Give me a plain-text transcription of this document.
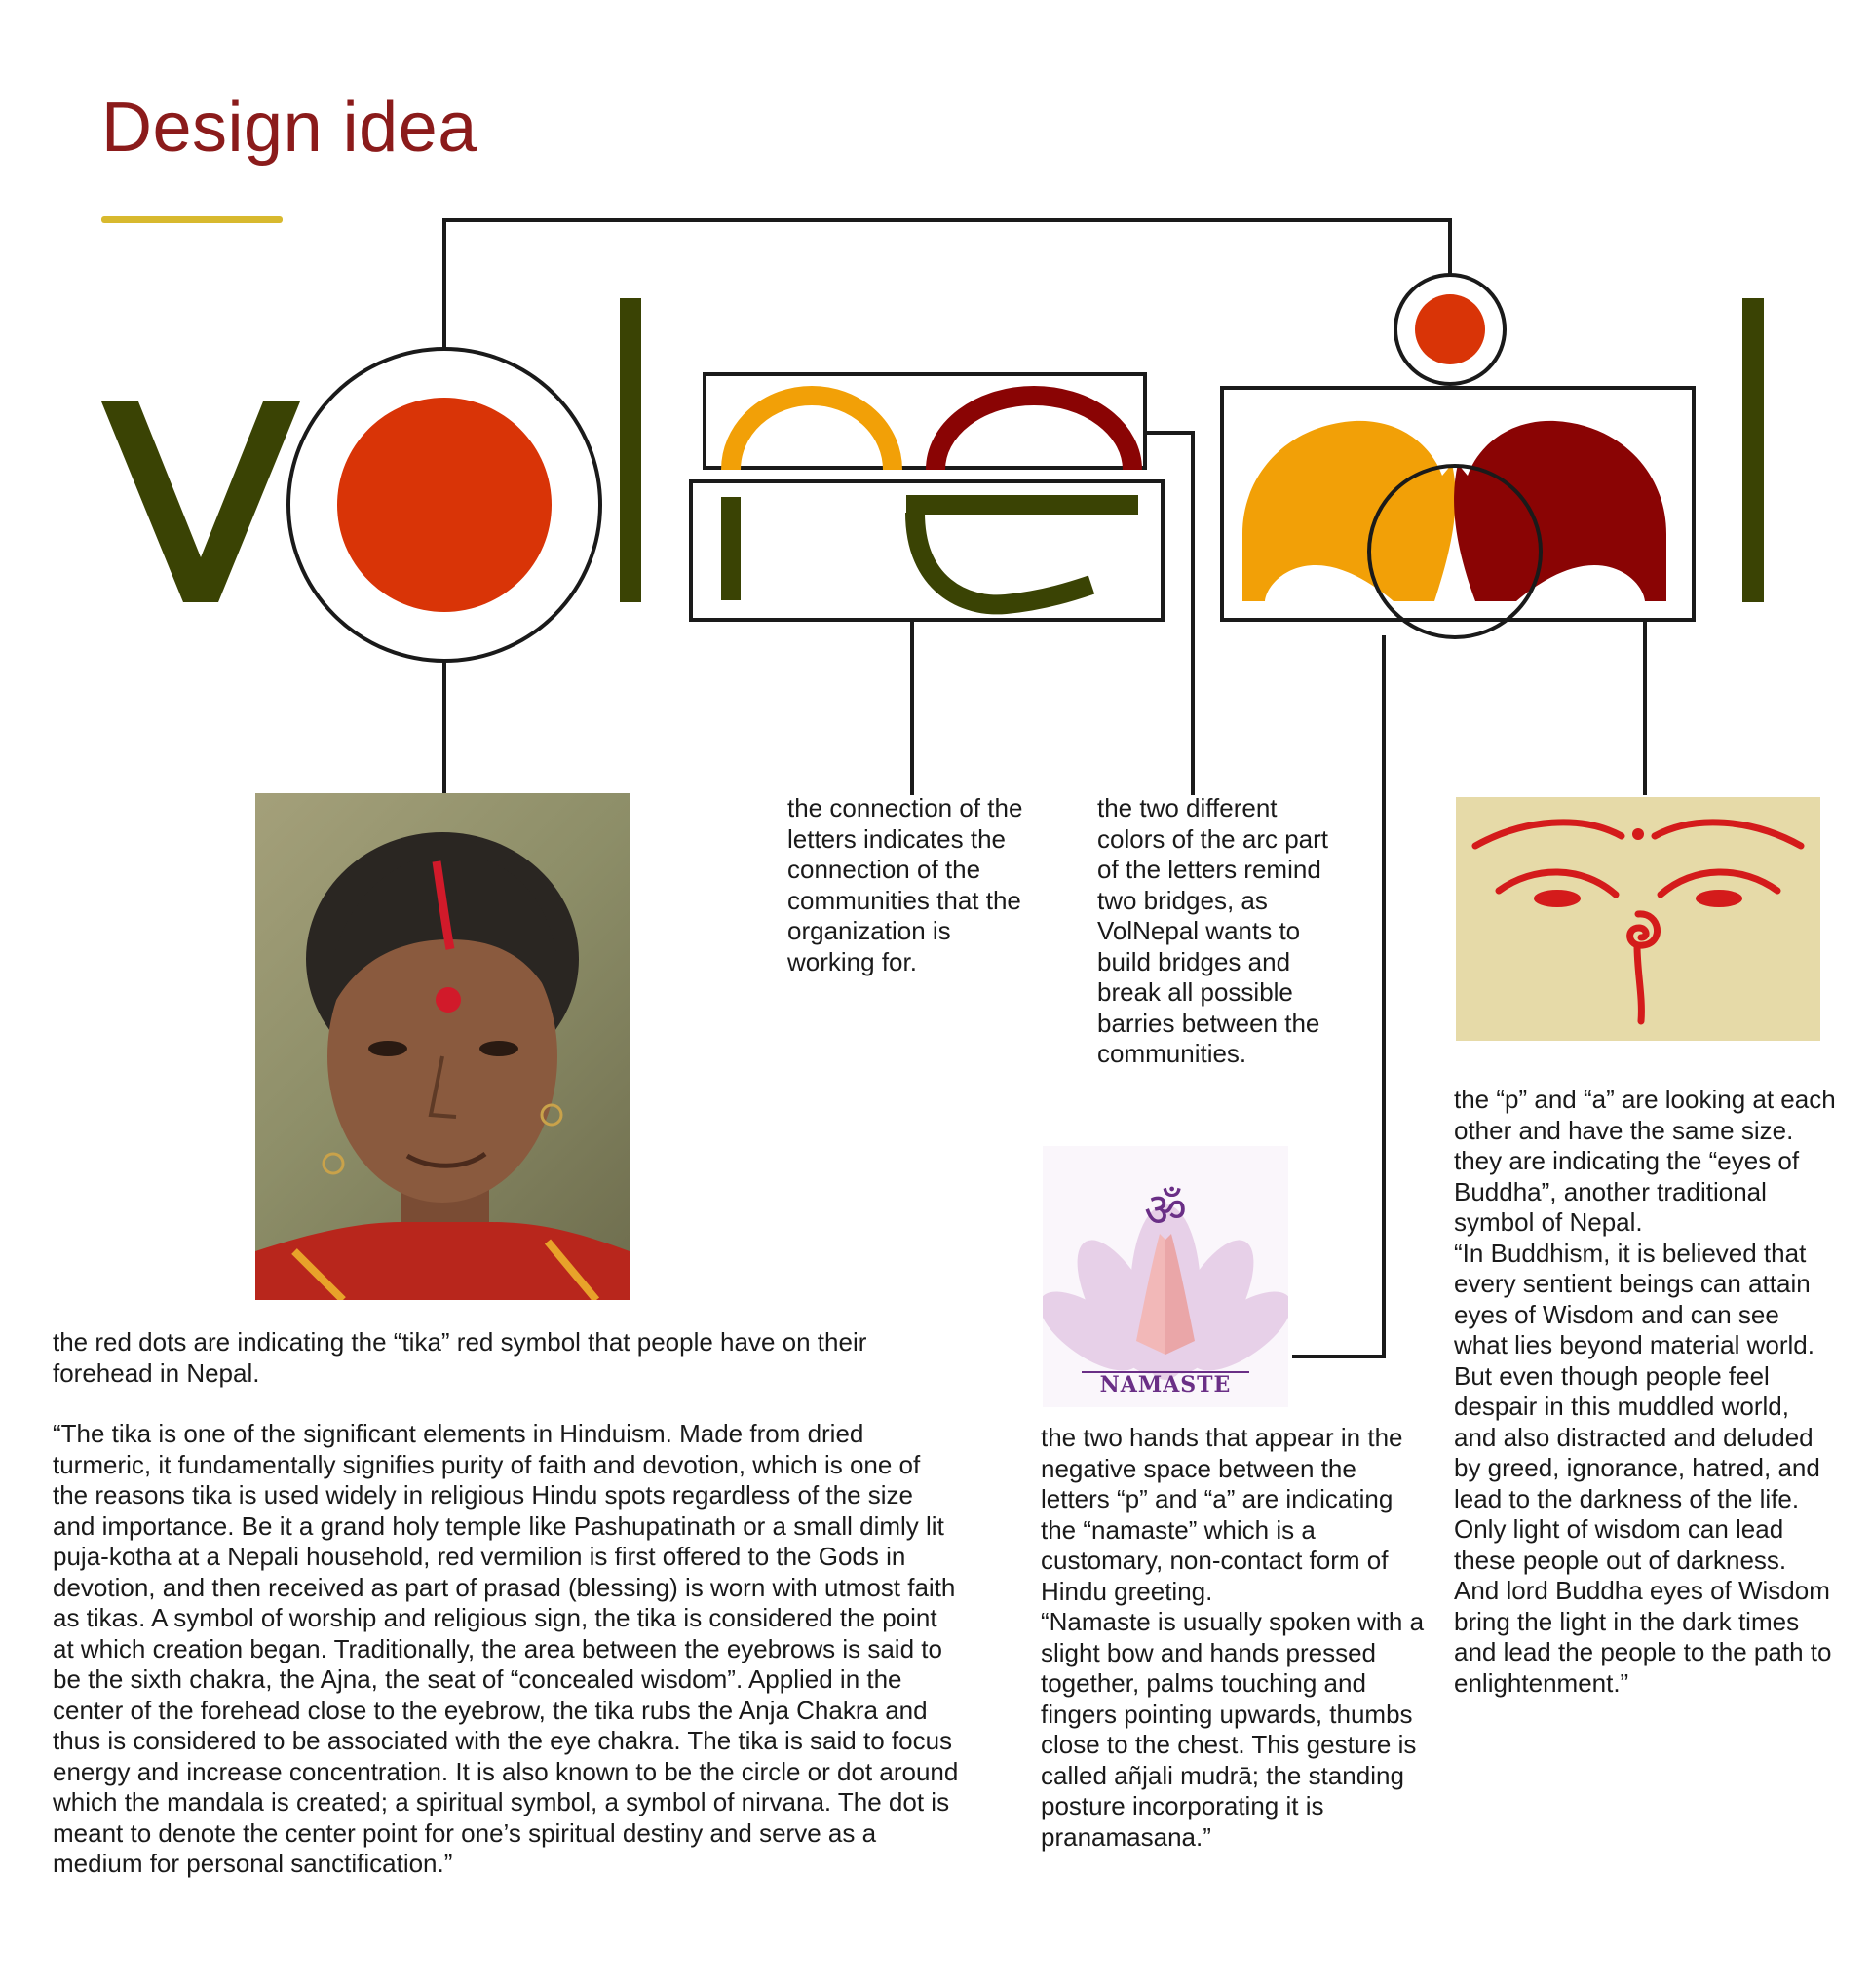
Design idea
ॐ
NAMASTE

the connection of the letters indicates the connection of the communities that the organization is working for.

the two different colors of the arc part of the letters remind two bridges, as VolNepal wants to build bridges and break all possible barries between the communities.

the “p” and “a” are looking at each other and have the same size. they are indicating the “eyes of Buddha”, another traditional symbol of Nepal.
“In Buddhism, it is believed that every sentient beings can attain eyes of Wisdom and can see what lies beyond material world. But even though people feel despair in this muddled world, and also distracted and deluded by greed, ignorance, hatred, and lead to the darkness of the life. Only light of wisdom can lead these people out of darkness. And lord Buddha eyes of Wisdom bring the light in the dark times and lead the people to the path to enlightenment.”

the two hands that appear in the negative space between the letters “p” and “a” are indicating the “namaste” which is a customary, non-contact form of Hindu greeting.
“Namaste is usually spoken with a slight bow and hands pressed together, palms touching and fingers pointing upwards, thumbs close to the chest. This gesture is called añjali mudrā; the standing posture incorporating it is pranamasana.”

the red dots are indicating the “tika” red symbol that people have on their forehead in Nepal.

“The tika is one of the significant elements in Hinduism. Made from dried turmeric, it fundamentally signifies purity of faith and devotion, which is one of the reasons tika is used widely in religious Hindu spots regardless of the size and importance. Be it a grand holy temple like Pashupatinath or a small dimly lit puja-kotha at a Nepali household, red vermilion is first offered to the Gods in devotion, and then received as part of prasad (blessing) is worn with utmost faith as tikas. A symbol of worship and religious sign, the tika is considered the point at which creation began. Traditionally, the area between the eyebrows is said to be the sixth chakra, the Ajna, the seat of “concealed wisdom”. Applied in the center of the forehead close to the eyebrow, the tika rubs the Anja Chakra and thus is considered to be associated with the eye chakra. The tika is said to focus energy and increase concentration. It is also known to be the circle or dot around which the mandala is created; a spiritual symbol, a symbol of nirvana. The dot is meant to denote the center point for one’s spiritual destiny and serve as a medium for personal sanctification.”
